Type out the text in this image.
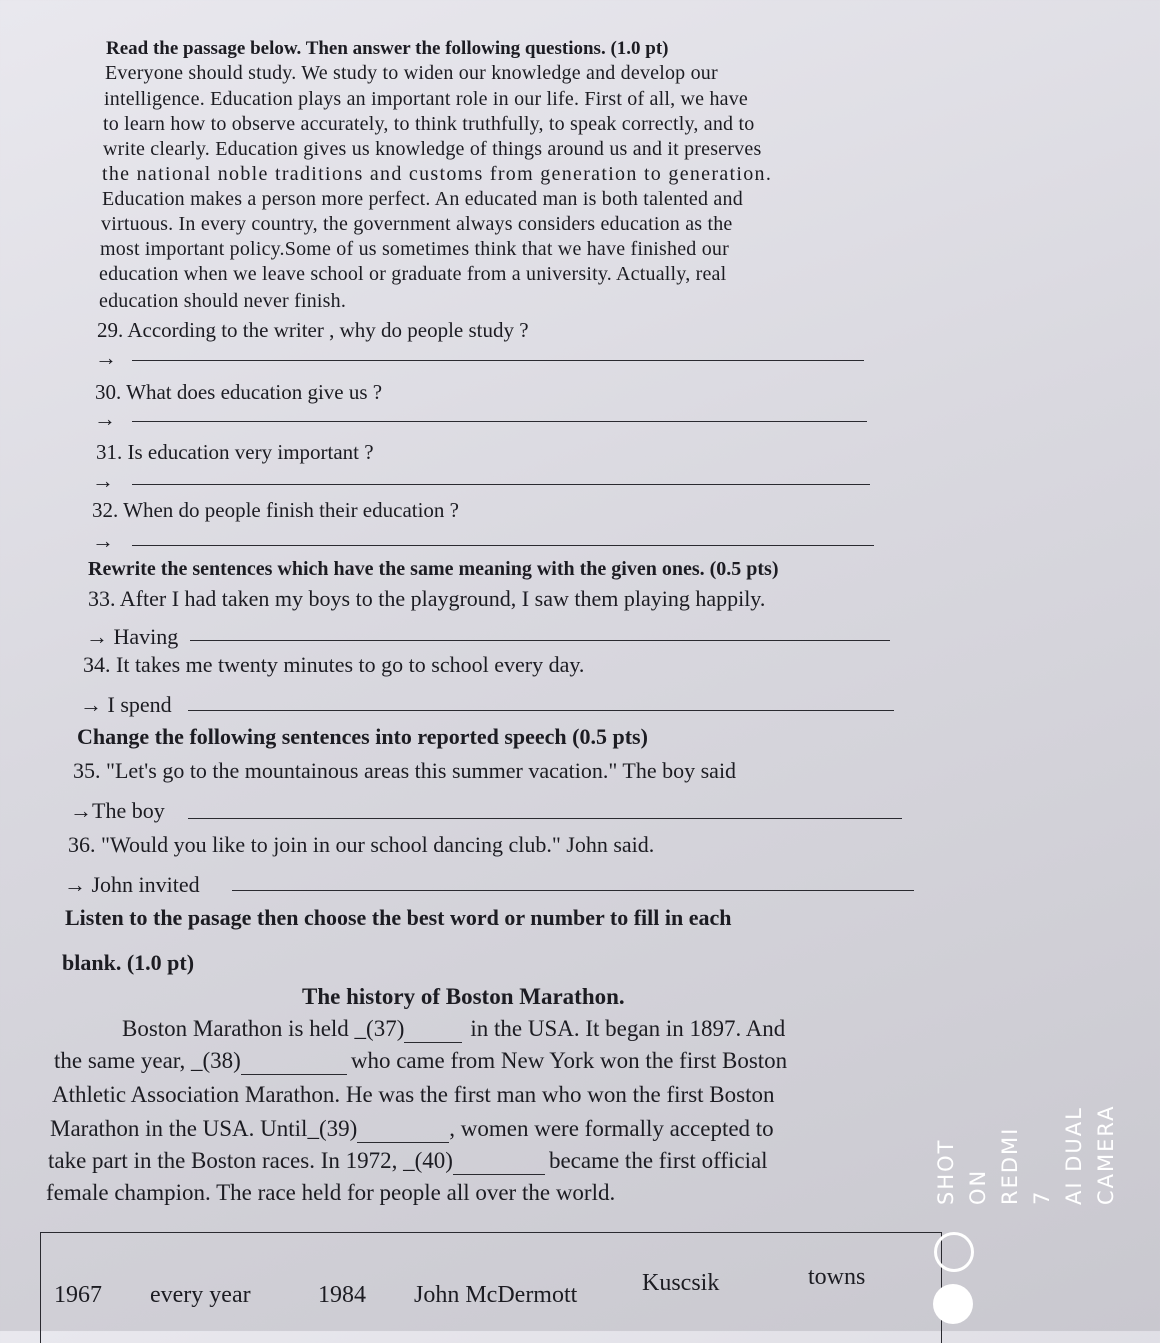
Read the passage below. Then answer the following questions. (1.0 pt)
Everyone should study. We study to widen our knowledge and develop our
intelligence. Education plays an important role in our life. First of all, we have
to learn how to observe accurately, to think truthfully, to speak correctly, and to
write clearly. Education gives us knowledge of things around us and it preserves
the national noble traditions and customs from generation to generation.
Education makes a person more perfect. An educated man is both talented and
virtuous. In every country, the government always considers education as the
most important policy.Some of us sometimes think that we have finished our
education when we leave school or graduate from a university. Actually, real
education should never finish.
29. According to the writer , why do people study ?
→
30. What does education give us ?
→
31. Is education very important ?
→
32. When do people finish their education ?
→
Rewrite the sentences which have the same meaning with the given ones. (0.5 pts)
33. After I had taken my boys to the playground, I saw them playing happily.
→ Having
34. It takes me twenty minutes to go to school every day.
→ I spend
Change the following sentences into reported speech (0.5 pts)
35. "Let's go to the mountainous areas this summer vacation." The boy said
→The boy
36. "Would you like to join in our school dancing club." John said.
→ John invited
Listen to the pasage then choose the best word or number to fill in each
blank. (1.0 pt)
The history of Boston Marathon.
Boston Marathon is held _(37)	in the USA. It began in 1897. And
the same year, _(38)	who came from New York won the first Boston
Athletic Association Marathon. He was the first man who won the first Boston
Marathon in the USA. Until_(39)	, women were formally accepted to
take part in the Boston races. In 1972, _(40)	became the first official
female champion. The race held for people all over the world.
1967 every year	1984 John McDermott	Kuscsik	towns
SHOT ON REDMI 7 AI DUAL CAMERA
